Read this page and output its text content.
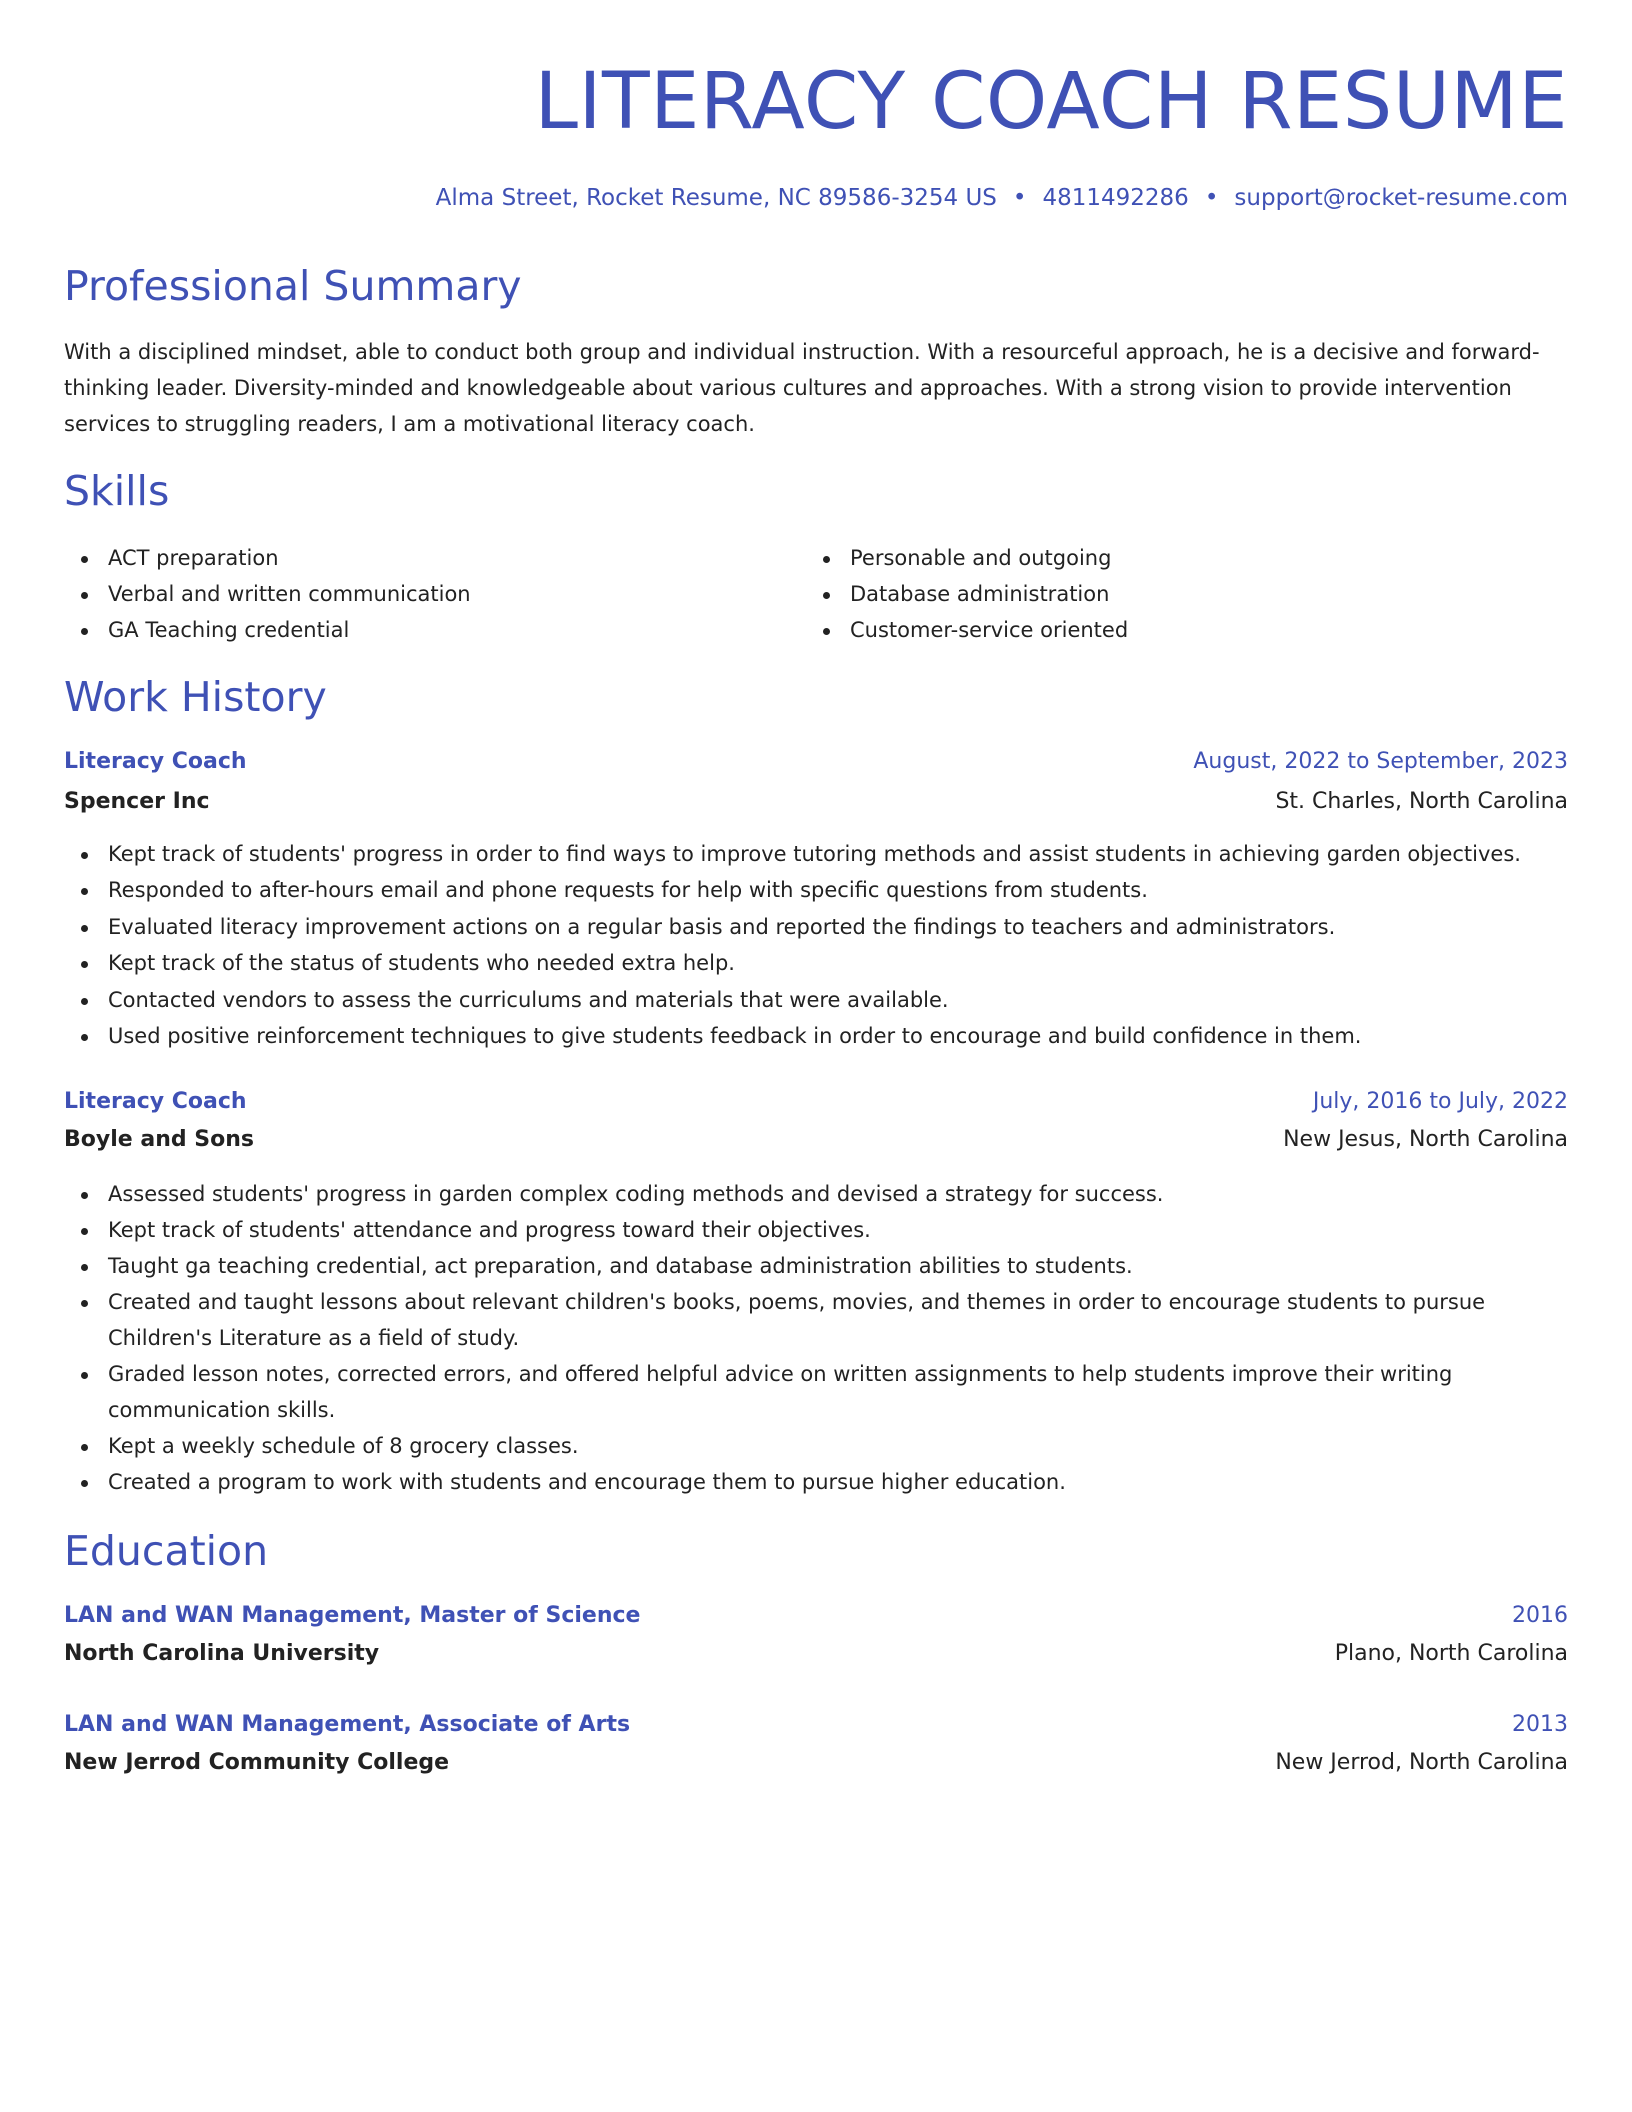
LITERACY COACH RESUME

Alma Street, Rocket Resume, NC 89586-3254 US • 4811492286 • support@rocket-resume.com

Professional Summary

With a disciplined mindset, able to conduct both group and individual instruction. With a resourceful approach, he is a decisive and forward-thinking leader. Diversity-minded and knowledgeable about various cultures and approaches. With a strong vision to provide intervention services to struggling readers, I am a motivational literacy coach.

Skills
ACT preparation
Verbal and written communication
GA Teaching credential
Personable and outgoing
Database administration
Customer-service oriented
Work History
Literacy Coach	August, 2022 to September, 2023
Spencer Inc	St. Charles, North Carolina
Kept track of students' progress in order to find ways to improve tutoring methods and assist students in achieving garden objectives.
Responded to after-hours email and phone requests for help with specific questions from students.
Evaluated literacy improvement actions on a regular basis and reported the findings to teachers and administrators.
Kept track of the status of students who needed extra help.
Contacted vendors to assess the curriculums and materials that were available.
Used positive reinforcement techniques to give students feedback in order to encourage and build confidence in them.
Literacy Coach	July, 2016 to July, 2022
Boyle and Sons	New Jesus, North Carolina
Assessed students' progress in garden complex coding methods and devised a strategy for success.
Kept track of students' attendance and progress toward their objectives.
Taught ga teaching credential, act preparation, and database administration abilities to students.
Created and taught lessons about relevant children's books, poems, movies, and themes in order to encourage students to pursue Children's Literature as a field of study.
Graded lesson notes, corrected errors, and offered helpful advice on written assignments to help students improve their writing communication skills.
Kept a weekly schedule of 8 grocery classes.
Created a program to work with students and encourage them to pursue higher education.
Education
LAN and WAN Management, Master of Science	2016
North Carolina University	Plano, North Carolina
LAN and WAN Management, Associate of Arts	2013
New Jerrod Community College	New Jerrod, North Carolina
